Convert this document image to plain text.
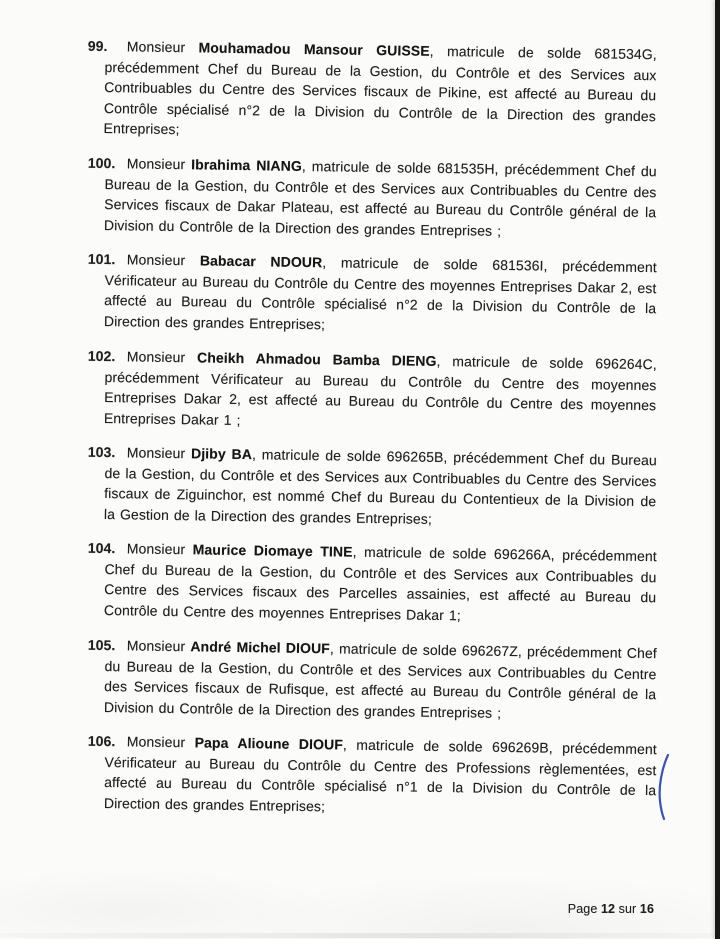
99.	Monsieur Mouhamadou Mansour GUISSE, matricule de solde 681534G, précédemment Chef du Bureau de la Gestion, du Contrôle et des Services aux Contribuables du Centre des Services fiscaux de Pikine, est affecté au Bureau du Contrôle spécialisé n°2 de la Division du Contrôle de la Direction des grandes Entreprises;

100. Monsieur Ibrahima NIANG, matricule de solde 681535H, précédemment Chef du Bureau de la Gestion, du Contrôle et des Services aux Contribuables du Centre des Services fiscaux de Dakar Plateau, est affecté au Bureau du Contrôle général de la Division du Contrôle de la Direction des grandes Entreprises ;

101. Monsieur Babacar NDOUR, matricule de solde 681536I, précédemment Vérificateur au Bureau du Contrôle du Centre des moyennes Entreprises Dakar 2, est affecté au Bureau du Contrôle spécialisé n°2 de la Division du Contrôle de la Direction des grandes Entreprises;

102. Monsieur Cheikh Ahmadou Bamba DIENG, matricule de solde 696264C, précédemment Vérificateur au Bureau du Contrôle du Centre des moyennes Entreprises Dakar 2, est affecté au Bureau du Contrôle du Centre des moyennes Entreprises Dakar 1 ;

103. Monsieur Djiby BA, matricule de solde 696265B, précédemment Chef du Bureau de la Gestion, du Contrôle et des Services aux Contribuables du Centre des Services fiscaux de Ziguinchor, est nommé Chef du Bureau du Contentieux de la Division de la Gestion de la Direction des grandes Entreprises;

104. Monsieur Maurice Diomaye TINE, matricule de solde 696266A, précédemment Chef du Bureau de la Gestion, du Contrôle et des Services aux Contribuables du Centre des Services fiscaux des Parcelles assainies, est affecté au Bureau du Contrôle du Centre des moyennes Entreprises Dakar 1;

105. Monsieur André Michel DIOUF, matricule de solde 696267Z, précédemment Chef du Bureau de la Gestion, du Contrôle et des Services aux Contribuables du Centre des Services fiscaux de Rufisque, est affecté au Bureau du Contrôle général de la Division du Contrôle de la Direction des grandes Entreprises ;

106. Monsieur Papa Alioune DIOUF, matricule de solde 696269B, précédemment Vérificateur au Bureau du Contrôle du Centre des Professions règlementées, est affecté au Bureau du Contrôle spécialisé n°1 de la Division du Contrôle de la Direction des grandes Entreprises;

Page 12 sur 16
